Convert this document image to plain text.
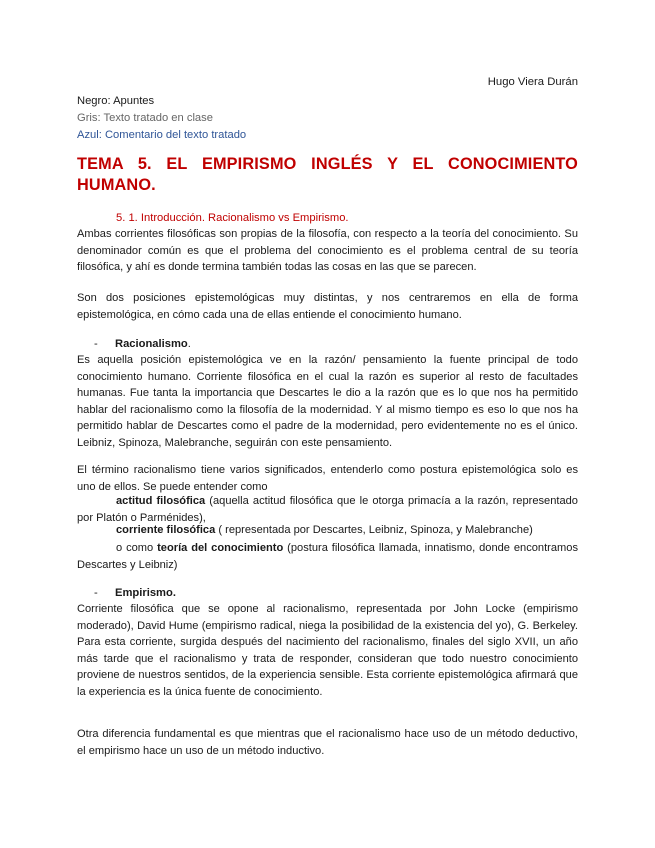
Hugo Viera Durán
Negro: Apuntes
Gris: Texto tratado en clase
Azul: Comentario del texto tratado
TEMA 5. EL EMPIRISMO INGLÉS Y EL CONOCIMIENTO HUMANO.
5. 1. Introducción. Racionalismo vs Empirismo.

Ambas corrientes filosóficas son propias de la filosofía, con respecto a la teoría del conocimiento. Su denominador común es que el problema del conocimiento es el problema central de su teoría filosófica, y ahí es donde termina también todas las cosas en las que se parecen.

Son dos posiciones epistemológicas muy distintas, y nos centraremos en ella de forma epistemológica, en cómo cada una de ellas entiende el conocimiento humano.

- Racionalismo.

Es aquella posición epistemológica ve en la razón/ pensamiento la fuente principal de todo conocimiento humano. Corriente filosófica en el cual la razón es superior al resto de facultades humanas. Fue tanta la importancia que Descartes le dio a la razón que es lo que nos ha permitido hablar del racionalismo como la filosofía de la modernidad. Y al mismo tiempo es eso lo que nos ha permitido hablar de Descartes como el padre de la modernidad, pero evidentemente no es el único. Leibniz, Spinoza, Malebranche, seguirán con este pensamiento.

El término racionalismo tiene varios significados, entenderlo como postura epistemológica solo es uno de ellos. Se puede entender como

actitud filosófica (aquella actitud filosófica que le otorga primacía a la razón, representado por Platón o Parménides),
corriente filosófica ( representada por Descartes, Leibniz, Spinoza, y Malebranche)
o como teoría del conocimiento (postura filosófica llamada, innatismo, donde encontramos Descartes y Leibniz)
- Empirismo.

Corriente filosófica que se opone al racionalismo, representada por John Locke (empirismo moderado), David Hume (empirismo radical, niega la posibilidad de la existencia del yo), G. Berkeley. Para esta corriente, surgida después del nacimiento del racionalismo, finales del siglo XVII, un año más tarde que el racionalismo y trata de responder, consideran que todo nuestro conocimiento proviene de nuestros sentidos, de la experiencia sensible. Esta corriente epistemológica afirmará que la experiencia es la única fuente de conocimiento.

Otra diferencia fundamental es que mientras que el racionalismo hace uso de un método deductivo, el empirismo hace un uso de un método inductivo.
